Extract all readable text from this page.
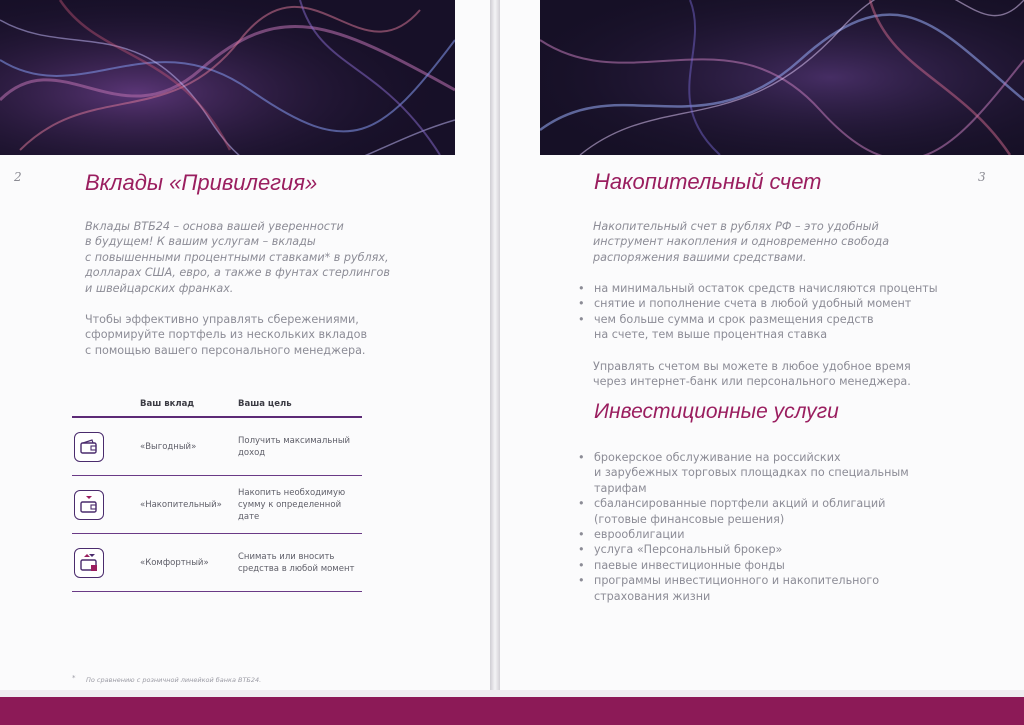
2	Вклады «Привилегия»
Вклады ВТБ24 – основа вашей уверенности
в будущем! К вашим услугам – вклады
с повышенными процентными ставками* в рублях,
долларах США, евро, а также в фунтах стерлингов
и швейцарских франках.
Чтобы эффективно управлять сбережениями,
сформируйте портфель из нескольких вкладов
с помощью вашего персонального менеджера.
	Ваш вклад	Ваша цель

	«Выгодный»	Получить максимальный
доход

	«Накопительный»	Накопить необходимую
сумму к определенной дате

	«Комфортный»	Снимать или вносить
средства в любой момент
* По сравнению с розничной линейкой банка ВТБ24.
Накопительный счет	3
Накопительный счет в рублях РФ – это удобный
инструмент накопления и одновременно свобода
распоряжения вашими средствами.
• на минимальный остаток средств начисляются проценты
• снятие и пополнение счета в любой удобный момент
• чем больше сумма и срок размещения средств
на счете, тем выше процентная ставка
Управлять счетом вы можете в любое удобное время
через интернет-банк или персонального менеджера.
Инвестиционные услуги
• брокерское обслуживание на российских
и зарубежных торговых площадках по специальным
тарифам
• сбалансированные портфели акций и облигаций
(готовые финансовые решения)
• еврооблигации
• услуга «Персональный брокер»
• паевые инвестиционные фонды
• программы инвестиционного и накопительного
страхования жизни
